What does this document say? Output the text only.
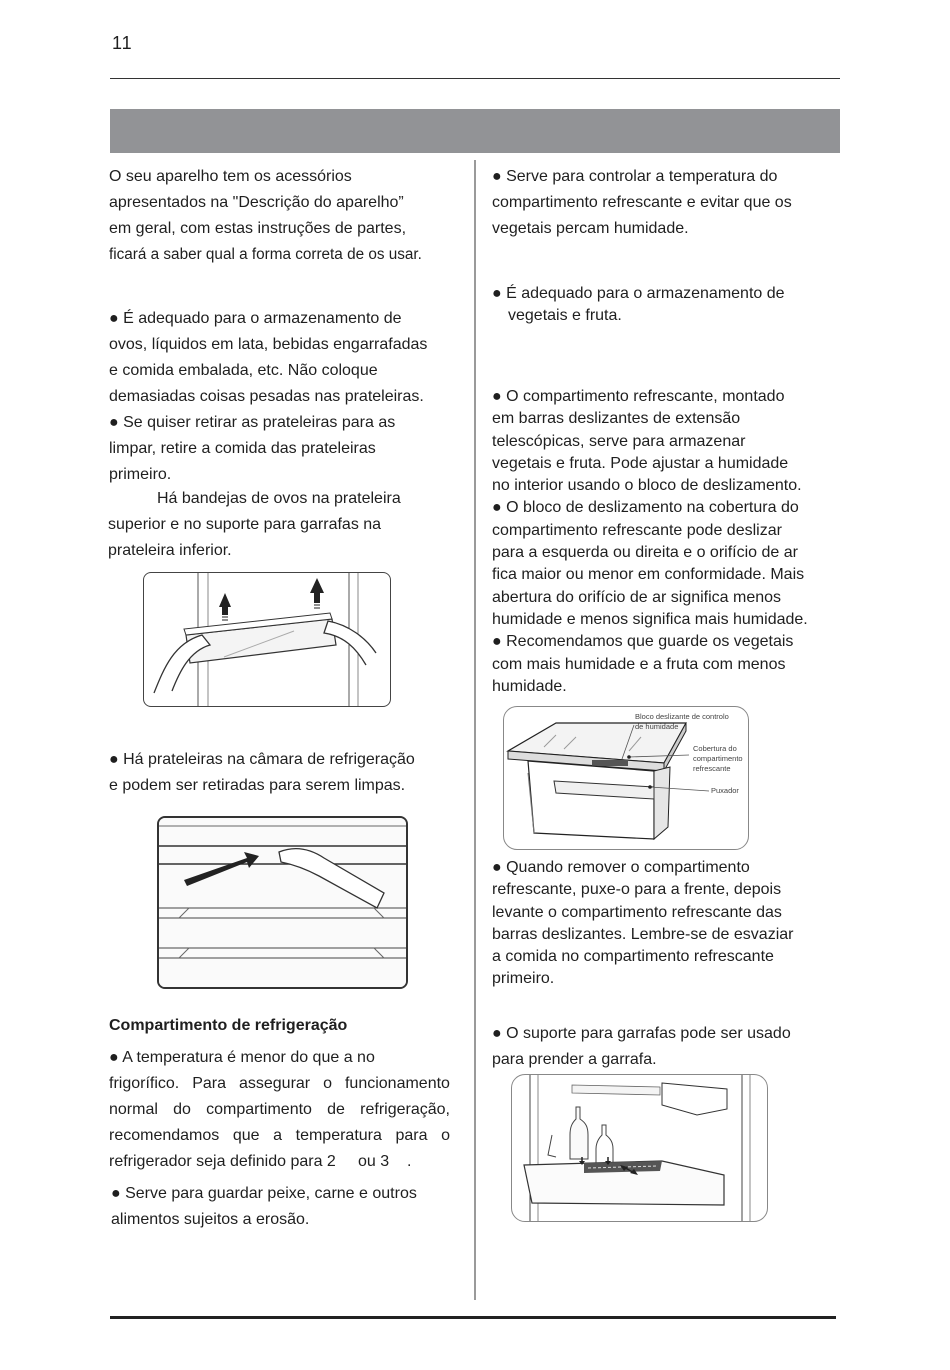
11
O seu aparelho tem os acessórios
apresentados na "Descrição do aparelho”
em geral, com estas instruções de partes,
ficará a saber qual a forma correta de os usar.
● É adequado para o armazenamento de
ovos, líquidos em lata, bebidas engarrafadas
e comida embalada, etc. Não coloque
demasiadas coisas pesadas nas prateleiras.
● Se quiser retirar as prateleiras para as
limpar, retire a comida das prateleiras
primeiro.
Há bandejas de ovos na prateleira
superior e no suporte para garrafas na
prateleira inferior.
● Há prateleiras na câmara de refrigeração
e podem ser retiradas para serem limpas.
Compartimento de refrigeração
● A temperatura é menor do que a no
frigorífico. Para assegurar o funcionamento
normal do compartimento de refrigeração,
recomendamos que a temperatura para o
refrigerador seja definido para 2     ou 3    .
● Serve para guardar peixe, carne e outros
alimentos sujeitos a erosão.
● Serve para controlar a temperatura do
compartimento refrescante e evitar que os
vegetais percam humidade.
● É adequado para o armazenamento de
vegetais e fruta.
● O compartimento refrescante, montado
em barras deslizantes de extensão
telescópicas, serve para armazenar
vegetais e fruta. Pode ajustar a humidade
no interior usando o bloco de deslizamento.
● O bloco de deslizamento na cobertura do
compartimento refrescante pode deslizar
para a esquerda ou direita e o orifício de ar
fica maior ou menor em conformidade. Mais
abertura do orifício de ar significa menos
humidade e menos significa mais humidade.
● Recomendamos que guarde os vegetais
com mais humidade e a fruta com menos
humidade.
Bloco deslizante de controlo
de humidade
Cobertura do
compartimento
refrescante
Puxador
● Quando remover o compartimento
refrescante, puxe-o para a frente, depois
levante o compartimento refrescante das
barras deslizantes. Lembre-se de esvaziar
a comida no compartimento refrescante
primeiro.
● O suporte para garrafas pode ser usado
para prender a garrafa.
